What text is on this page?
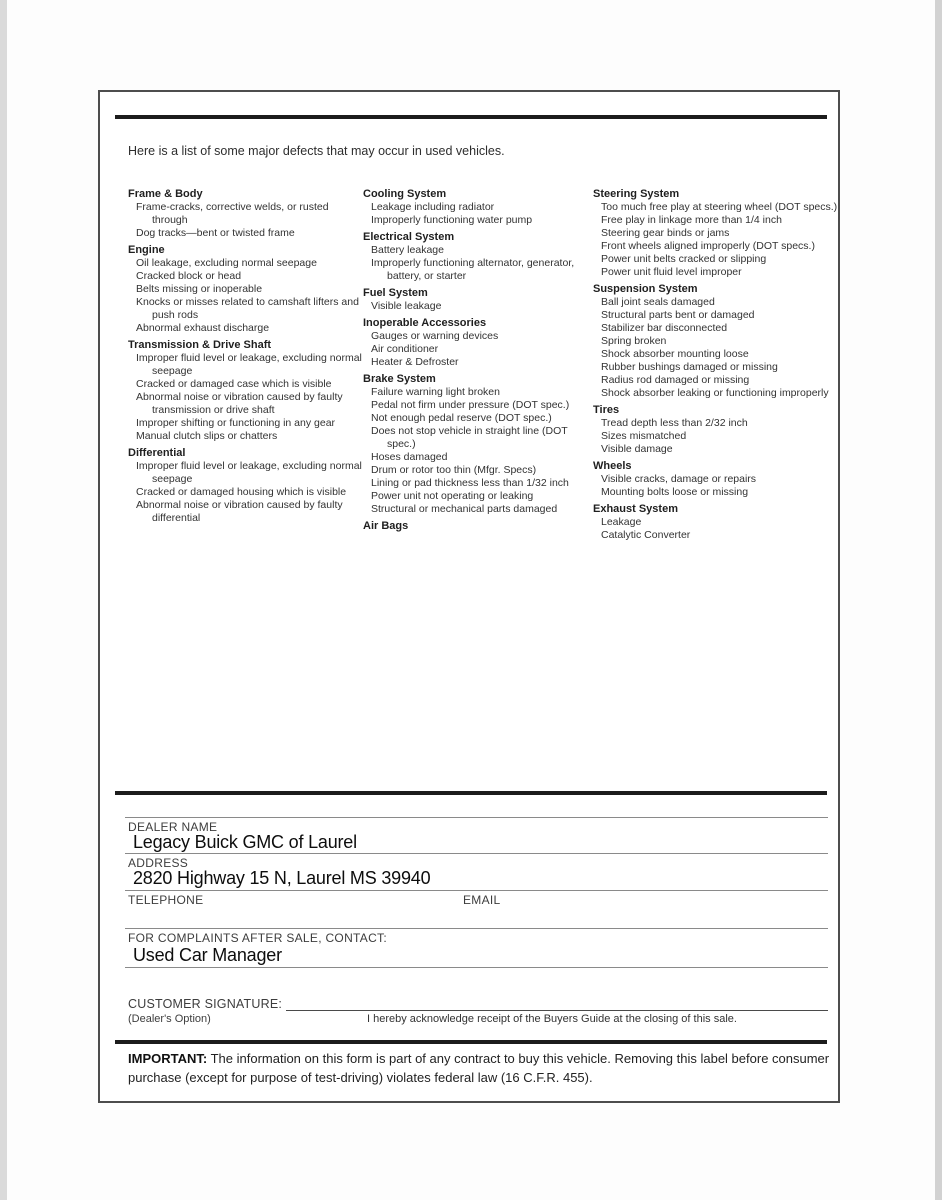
Here is a list of some major defects that may occur in used vehicles.
Frame & Body
Frame-cracks, corrective welds, or rusted through
Dog tracks—bent or twisted frame
Engine
Oil leakage, excluding normal seepage
Cracked block or head
Belts missing or inoperable
Knocks or misses related to camshaft lifters and push rods
Abnormal exhaust discharge
Transmission & Drive Shaft
Improper fluid level or leakage, excluding normal seepage
Cracked or damaged case which is visible
Abnormal noise or vibration caused by faulty transmission or drive shaft
Improper shifting or functioning in any gear
Manual clutch slips or chatters
Differential
Improper fluid level or leakage, excluding normal seepage
Cracked or damaged housing which is visible
Abnormal noise or vibration caused by faulty differential
Cooling System
Leakage including radiator
Improperly functioning water pump
Electrical System
Battery leakage
Improperly functioning alternator, generator, battery, or starter
Fuel System
Visible leakage
Inoperable Accessories
Gauges or warning devices
Air conditioner
Heater & Defroster
Brake System
Failure warning light broken
Pedal not firm under pressure (DOT spec.)
Not enough pedal reserve (DOT spec.)
Does not stop vehicle in straight line (DOT spec.)
Hoses damaged
Drum or rotor too thin (Mfgr. Specs)
Lining or pad thickness less than 1/32 inch
Power unit not operating or leaking
Structural or mechanical parts damaged
Air Bags
Steering System
Too much free play at steering wheel (DOT specs.)
Free play in linkage more than 1/4 inch
Steering gear binds or jams
Front wheels aligned improperly (DOT specs.)
Power unit belts cracked or slipping
Power unit fluid level improper
Suspension System
Ball joint seals damaged
Structural parts bent or damaged
Stabilizer bar disconnected
Spring broken
Shock absorber mounting loose
Rubber bushings damaged or missing
Radius rod damaged or missing
Shock absorber leaking or functioning improperly
Tires
Tread depth less than 2/32 inch
Sizes mismatched
Visible damage
Wheels
Visible cracks, damage or repairs
Mounting bolts loose or missing
Exhaust System
Leakage
Catalytic Converter
DEALER NAME
Legacy Buick GMC of Laurel
ADDRESS
2820 Highway 15 N, Laurel MS 39940
TELEPHONE	EMAIL
FOR COMPLAINTS AFTER SALE, CONTACT:
Used Car Manager
CUSTOMER SIGNATURE:
(Dealer's Option)	I hereby acknowledge receipt of the Buyers Guide at the closing of this sale.
IMPORTANT: The information on this form is part of any contract to buy this vehicle. Removing this label before consumer purchase (except for purpose of test-driving) violates federal law (16 C.F.R. 455).
